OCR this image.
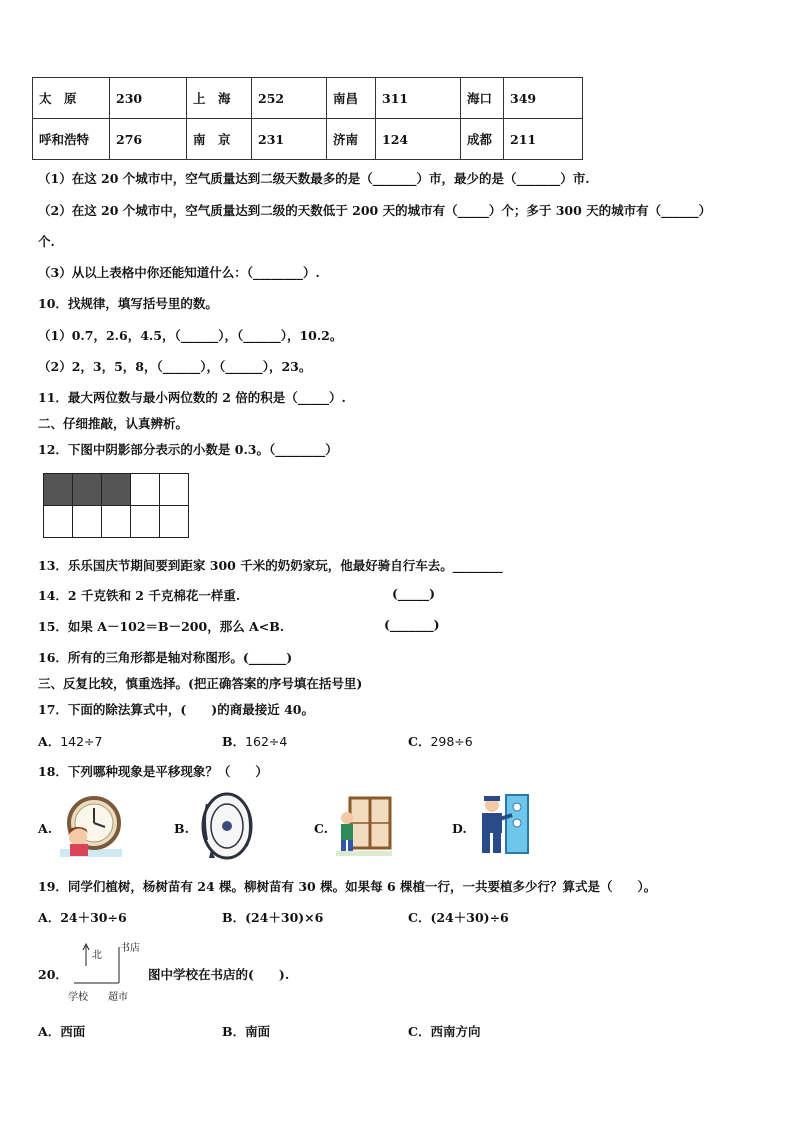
太　原	230	上　海	252	南昌	311	海口	349
呼和浩特	276	南　京	231	济南	124	成都	211
（1）在这 20 个城市中，空气质量达到二级天数最多的是（_______）市，最少的是（_______）市.
（2）在这 20 个城市中，空气质量达到二级的天数低于 200 天的城市有（_____）个；多于 300 天的城市有（______）
个.
（3）从以上表格中你还能知道什么：（________）.
10．找规律，填写括号里的数。
（1）0.7，2.6，4.5，（______），（______），10.2。
（2）2，3，5，8，（______），（______），23。
11．最大两位数与最小两位数的 2 倍的积是（_____）.
二、仔细推敲，认真辨析。
12．下图中阴影部分表示的小数是 0.3。（________）

13．乐乐国庆节期间要到距家 300 千米的奶奶家玩，他最好骑自行车去。________
14．2 千克铁和 2 千克棉花一样重.	(_____)
15．如果 A－102＝B－200，那么 A<B.	(_______)
16．所有的三角形都是轴对称图形。(______)
三、反复比较，慎重选择。(把正确答案的序号填在括号里)
17．下面的除法算式中，(　　)的商最接近 40。
A．142÷7	B．162÷4	C．298÷6
18．下列哪种现象是平移现象？（　　）
A.	B.	C.	D.
19．同学们植树，杨树苗有 24 棵。柳树苗有 30 棵。如果每 6 棵植一行，一共要植多少行？算式是（　　）。
A．24＋30÷6	B．(24＋30)×6	C．(24＋30)÷6
20．
北
书店
学校 超市
图中学校在书店的(　　).
A．西面	B．南面	C．西南方向
